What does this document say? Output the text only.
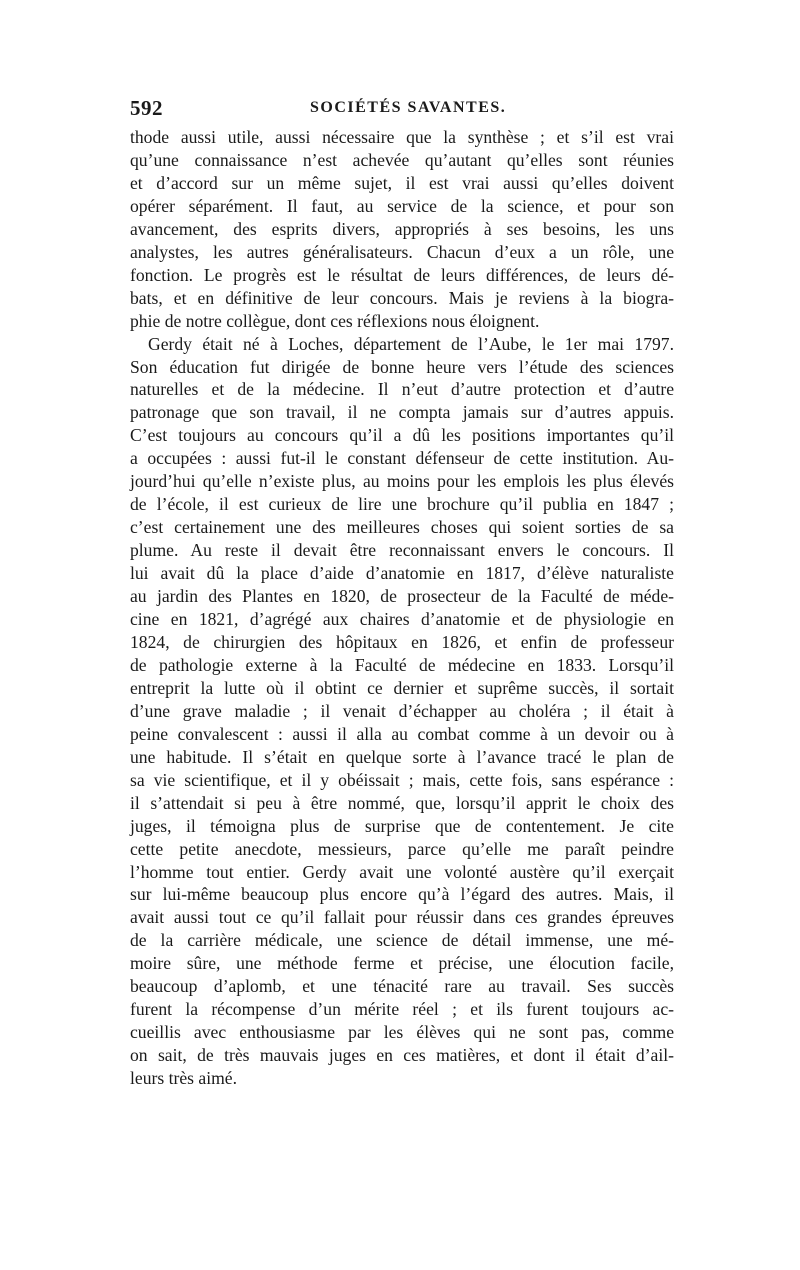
592	SOCIÉTÉS SAVANTES.
thode aussi utile, aussi nécessaire que la synthèse ; et s’il est vrai
qu’une connaissance n’est achevée qu’autant qu’elles sont réunies
et d’accord sur un même sujet, il est vrai aussi qu’elles doivent
opérer séparément. Il faut, au service de la science, et pour son
avancement, des esprits divers, appropriés à ses besoins, les uns
analystes, les autres généralisateurs. Chacun d’eux a un rôle, une
fonction. Le progrès est le résultat de leurs différences, de leurs dé-
bats, et en définitive de leur concours. Mais je reviens à la biogra-
phie de notre collègue, dont ces réflexions nous éloignent.
Gerdy était né à Loches, département de l’Aube, le 1er mai 1797.
Son éducation fut dirigée de bonne heure vers l’étude des sciences
naturelles et de la médecine. Il n’eut d’autre protection et d’autre
patronage que son travail, il ne compta jamais sur d’autres appuis.
C’est toujours au concours qu’il a dû les positions importantes qu’il
a occupées : aussi fut-il le constant défenseur de cette institution. Au-
jourd’hui qu’elle n’existe plus, au moins pour les emplois les plus élevés
de l’école, il est curieux de lire une brochure qu’il publia en 1847 ;
c’est certainement une des meilleures choses qui soient sorties de sa
plume. Au reste il devait être reconnaissant envers le concours. Il
lui avait dû la place d’aide d’anatomie en 1817, d’élève naturaliste
au jardin des Plantes en 1820, de prosecteur de la Faculté de méde-
cine en 1821, d’agrégé aux chaires d’anatomie et de physiologie en
1824, de chirurgien des hôpitaux en 1826, et enfin de professeur
de pathologie externe à la Faculté de médecine en 1833. Lorsqu’il
entreprit la lutte où il obtint ce dernier et suprême succès, il sortait
d’une grave maladie ; il venait d’échapper au choléra ; il était à
peine convalescent : aussi il alla au combat comme à un devoir ou à
une habitude. Il s’était en quelque sorte à l’avance tracé le plan de
sa vie scientifique, et il y obéissait ; mais, cette fois, sans espérance :
il s’attendait si peu à être nommé, que, lorsqu’il apprit le choix des
juges, il témoigna plus de surprise que de contentement. Je cite
cette petite anecdote, messieurs, parce qu’elle me paraît peindre
l’homme tout entier. Gerdy avait une volonté austère qu’il exerçait
sur lui-même beaucoup plus encore qu’à l’égard des autres. Mais, il
avait aussi tout ce qu’il fallait pour réussir dans ces grandes épreuves
de la carrière médicale, une science de détail immense, une mé-
moire sûre, une méthode ferme et précise, une élocution facile,
beaucoup d’aplomb, et une ténacité rare au travail. Ses succès
furent la récompense d’un mérite réel ; et ils furent toujours ac-
cueillis avec enthousiasme par les élèves qui ne sont pas, comme
on sait, de très mauvais juges en ces matières, et dont il était d’ail-
leurs très aimé.
